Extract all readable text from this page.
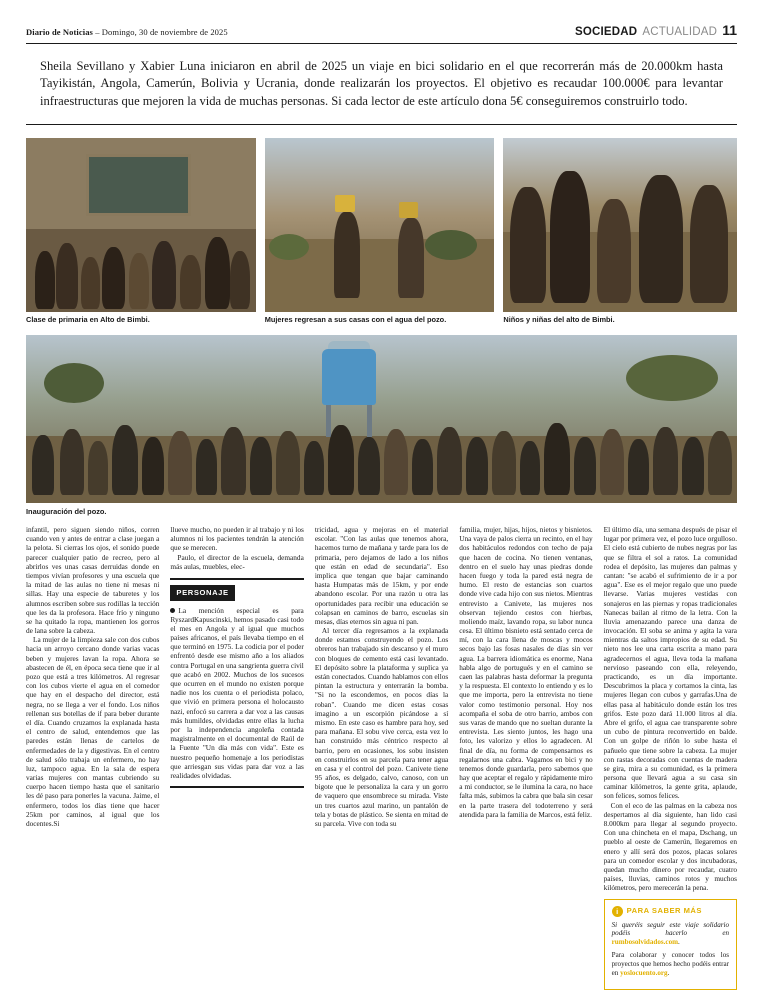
Diario de Noticias – Domingo, 30 de noviembre de 2025	SOCIEDAD ACTUALIDAD 11
Sheila Sevillano y Xabier Luna iniciaron en abril de 2025 un viaje en bici solidario en el que recorrerán más de 20.000km hasta Tayikistán, Angola, Camerún, Bolivia y Ucrania, donde realizarán los proyectos. El objetivo es recaudar 100.000€ para levantar infraestructuras que mejoren la vida de muchas personas. Si cada lector de este artículo dona 5€ conseguiremos construirlo todo.
Clase de primaria en Alto de Bimbi.	Mujeres regresan a sus casas con el agua del pozo.	Niños y niñas del alto de Bimbi.
Inauguración del pozo.

infantil, pero siguen siendo niños, corren cuando ven y antes de entrar a clase juegan a la pelota. Si cierras los ojos, el sonido puede parecer cualquier patio de recreo, pero al abrirlos ves unas casas derruidas donde en tiempos vivían profesores y una escuela que la mitad de las aulas no tiene ni mesas ni sillas. Hay una especie de taburetes y los alumnos escriben sobre sus rodillas la tección que les da la profesora. Hace frío y ninguno se ha quitado la ropa, mantienen los gorros de lana sobre la cabeza.

La mujer de la limpieza sale con dos cubos hacia un arroyo cercano donde varias vacas beben y mujeres lavan la ropa. Ahora se abastecen de él, en época seca tiene que ir al pozo que está a tres kilómetros. Al regresar con los cubos vierte el agua en el comedor que hay en el despacho del director, está negra, no se llega a ver el fondo. Los niños rellenan sus botellas de if para beber durante el día. Cuando cruzamos la explanada hasta el centro de salud, entendemos que las paredes están llenas de cartelos de enfermedades de la y digestivas. En el centro de salud sólo trabaja un enfermero, no hay luz, tampoco agua. En la sala de espera varias mujeres con mantas cubriendo su cuerpo hacen tiempo hasta que el sanitario les dé paso para ponerles la vacuna. Jaime, el enfermero, todos los días tiene que hacer 25km por caminos, al igual que los docentes.Si

llueve mucho, no pueden ir al trabajo y ni los alumnos ni los pacientes tendrán la atención que se merecen.

Paulo, el director de la escuela, demanda más aulas, muebles, elec-

PERSONAJE

La mención especial es para RyszardKapuscinski, hemos pasado casi todo el mes en Angola y al igual que muchos países africanos, el país llevaba tiempo en el que terminó en 1975. La codicia por el poder enfrentó desde ese mismo año a los aliados contra Portugal en una sangrienta guerra civil que acabó en 2002. Muchos de los sucesos que ocurren en el mundo no existen porque nadie nos los cuenta o el periodista polaco, que vivió en primera persona el holocausto nazi, enfocó su carrera a dar voz a las causas más humildes, olvidadas entre ellas la lucha por la independencia angoleña contada magistralmente en el documental de Raúl de la Fuente "Un día más con vida". Este es nuestro pequeño homenaje a los periodistas que arriesgan sus vidas para dar voz a las realidades olvidadas.

tricidad, agua y mejoras en el material escolar. "Con las aulas que tenemos ahora, hacemos turno de mañana y tarde para los de primaria, pero dejamos de lado a los niños que están en edad de secundaria". Eso implica que tengan que bajar caminando hasta Humpatas más de 15km, y por ende abandono escolar. Por una razón u otra las oportunidades para recibir una educación se colapsan en caminos de barro, escuelas sin mesas, días eternos sin agua ni pan.

Al tercer día regresamos a la explanada donde estamos construyendo el pozo. Los obreros han trabajado sin descanso y el muro con bloques de cemento está casi levantado. El depósito sobre la plataforma y suplica ya están conectados. Cuando hablamos con ellos pintan la estructura y enterrarán la bomba. "Si no la escondemos, en pocos días la roban". Cuando me dicen estas cosas imagino a un escorpión picándose a sí mismo. En este caso es hambre para hoy, sed para mañana. El sobu vive cerca, esta vez lo han construido más céntrico respecto al barrio, pero en ocasiones, los sobu insisten en construirlos en su parcela para tener agua en casa y el control del pozo. Canivete tiene 95 años, es delgado, calvo, canoso, con un bigote que le personaliza la cara y un gorro de vaquero que ensombrece su mirada. Viste un tres cuartos azul marino, un pantalón de tela y botas de plástico. Se sienta en mitad de su parcela. Vive con toda su

familia, mujer, hijas, hijos, nietos y bisnietos. Una vaya de palos cierra un recinto, en el hay dos habitáculos redondos con techo de paja que hacen de cocina. No tienen ventanas, dentro en el suelo hay unas piedras donde hacen fuego y toda la pared está negra de humo. El resto de estancias son cuartos donde vive cada hijo con sus nietos. Mientras entrevisto a Canivete, las mujeres nos observan tejiendo cestos con hierbas, moliendo maíz, lavando ropa, su labor nunca cesa. El último bisnieto está sentado cerca de mí, con la cara llena de moscas y mocos secos bajo las fosas nasales de días sin ver agua. La barrera idiomática es enorme, Nana habla algo de portugués y en el camino se caen las palabras hasta deformar la pregunta y la respuesta. El contexto lo entiendo y es lo que me importa, pero la entrevista no tiene valor como testimonio personal. Hoy nos acompaña el soba de otro barrio, ambos con sus varas de mando que no sueltan durante la entrevista. Les siento juntos, les hago una foto, les valorizo y ellos lo agradecen. Al final de día, nu forma de compensarnos es regalarnos una cabra. Vagamos en bici y no tenemos donde guardarla, pero sabemos que hay que aceptar el regalo y rápidamente miro a mi conductor, se le ilumina la cara, no hace falta más, subimos la cabra que bala sin cesar en la parte trasera del todoterreno y será atendida para la familia de Marcos, está feliz.

El último día, una semana después de pisar el lugar por primera vez, el pozo luce orgulloso. El cielo está cubierto de nubes negras por las que se filtra el sol a ratos. La comunidad rodea el depósito, las mujeres dan palmas y cantan: "se acabó el sufrimiento de ir a por agua". Ese es el mejor regalo que uno puede llevarse. Varias mujeres vestidas con sonajeros en las piernas y ropas tradicionales Nanecas bailan al ritmo de la letra. Con la lluvia amenazando parece una danza de invocación. El soba se anima y agita la vara mientras da saltos impropios de su edad. Su nieto nos lee una carta escrita a mano para agradecernos el agua, lleva toda la mañana nervioso paseando con ella, releyendo, practicando, es un día importante. Descubrimos la placa y cortamos la cinta, las mujeres llegan con cubos y garrafas.Una de ellas pasa al habitáculo donde están los tres grifos. Este pozo dará 11.000 litros al día. Abre el grifo, el agua cae transparente sobre un cubo de pintura reconvertido en balde. Con un golpe de riñón lo sube hasta el pañuelo que tiene sobre la cabeza. La mujer con rastas decoradas con cuentas de madera se gira, mira a su comunidad, es la primera persona que llevará agua a su casa sin caminar kilómetros, la gente grita, aplaude, son felices, somos felices.

Con el eco de las palmas en la cabeza nos despertamos al día siguiente, han lido casi 8.000km para llegar al segundo proyecto. Con una chincheta en el mapa, Dschang, un pueblo al oeste de Camerún, llegaremos en enero y allí será dos pozos, placas solares para un comedor escolar y dos incubadoras, quedan mucho dinero por recaudar, cuatro países, lluvias, caminos rotos y muchos kilómetros, pero merecerán la pena.

i	PARA SABER MÁS

Si queréis seguir este viaje solidario podéis hacerlo en rumbosolvidados.com.

Para colaborar y conocer todos los proyectos que hemos hecho podéis entrar en yoslocuento.org.
